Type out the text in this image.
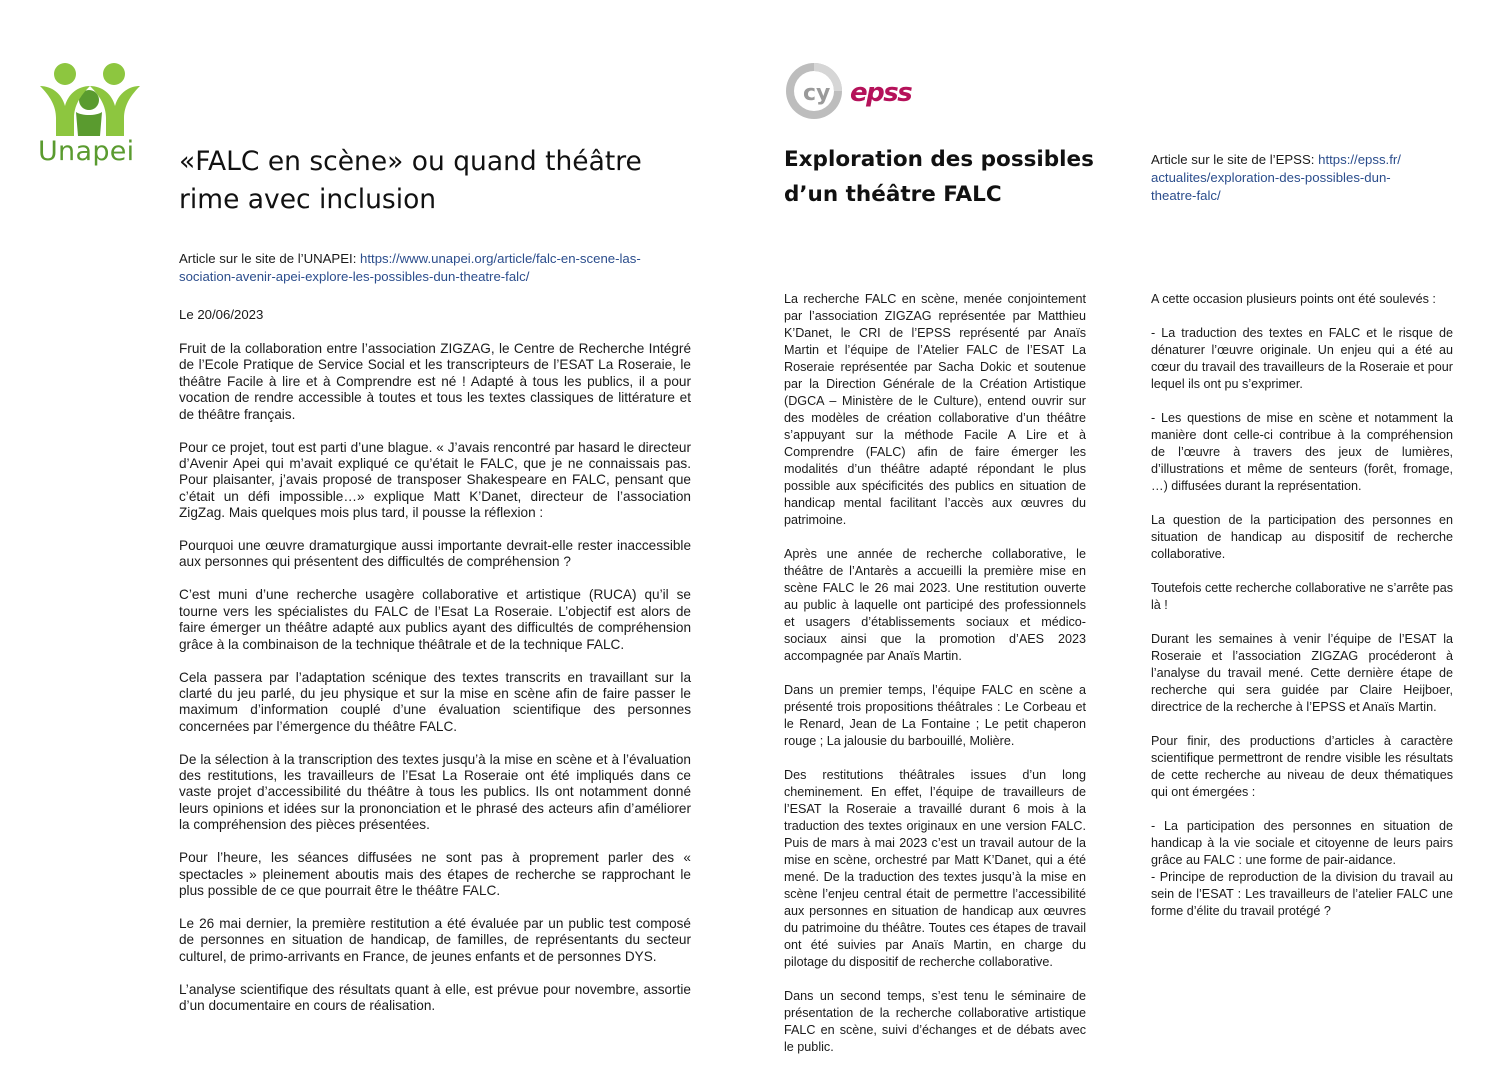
Unapei
cy epss
«FALC en scène» ou quand théâtre
rime avec inclusion
Article sur le site de l’UNAPEI: https://www.unapei.org/article/falc-en-scene-las-
sociation-avenir-apei-explore-les-possibles-dun-theatre-falc/
Le 20/06/2023

Fruit de la collaboration entre l’association ZIGZAG, le Centre de Recherche Intégré de l’Ecole Pratique de Service Social et les transcripteurs de l’ESAT La Roseraie, le théâtre Facile à lire et à Comprendre est né ! Adapté à tous les publics, il a pour vocation de rendre accessible à toutes et tous les textes classiques de littérature et de théâtre français.

Pour ce projet, tout est parti d’une blague. « J’avais rencontré par hasard le directeur d’Avenir Apei qui m’avait expliqué ce qu’était le FALC, que je ne connaissais pas. Pour plaisanter, j’avais proposé de transposer Shakespeare en FALC, pensant que c’était un défi impossible…» explique Matt K’Danet, directeur de l’association ZigZag. Mais quelques mois plus tard, il pousse la réflexion :

Pourquoi une œuvre dramaturgique aussi importante devrait-elle rester inaccessible aux personnes qui présentent des difficultés de compréhension ?

C’est muni d’une recherche usagère collaborative et artistique (RUCA) qu’il se tourne vers les spécialistes du FALC de l’Esat La Roseraie. L’objectif est alors de faire émerger un théâtre adapté aux publics ayant des difficultés de compréhension grâce à la combinaison de la technique théâtrale et de la technique FALC.

Cela passera par l’adaptation scénique des textes transcrits en travaillant sur la clarté du jeu parlé, du jeu physique et sur la mise en scène afin de faire passer le maximum d’information couplé d’une évaluation scientifique des personnes concernées par l’émergence du théâtre FALC.

De la sélection à la transcription des textes jusqu’à la mise en scène et à l’évaluation des restitutions, les travailleurs de l’Esat La Roseraie ont été impliqués dans ce vaste projet d’accessibilité du théâtre à tous les publics. Ils ont notamment donné leurs opinions et idées sur la prononciation et le phrasé des acteurs afin d’améliorer la compréhension des pièces présentées.

Pour l’heure, les séances diffusées ne sont pas à proprement parler des « spectacles » pleinement aboutis mais des étapes de recherche se rapprochant le plus possible de ce que pourrait être le théâtre FALC.

Le 26 mai dernier, la première restitution a été évaluée par un public test composé de personnes en situation de handicap, de familles, de représentants du secteur culturel, de primo-arrivants en France, de jeunes enfants et de personnes DYS.

L’analyse scientifique des résultats quant à elle, est prévue pour novembre, assortie d’un documentaire en cours de réalisation.

Exploration des possibles
d’un théâtre FALC
Article sur le site de l’EPSS: https://epss.fr/
actualites/exploration-des-possibles-dun-
theatre-falc/

La recherche FALC en scène, menée conjointement par l’association ZIGZAG représentée par Matthieu K’Danet, le CRI de l’EPSS représenté par Anaïs Martin et l’équipe de l’Atelier FALC de l’ESAT La Roseraie représentée par Sacha Dokic et soutenue par la Direction Générale de la Création Artistique (DGCA – Ministère de le Culture), entend ouvrir sur des modèles de création collaborative d’un théâtre s’appuyant sur la méthode Facile A Lire et à Comprendre (FALC) afin de faire émerger les modalités d’un théâtre adapté répondant le plus possible aux spécificités des publics en situation de handicap mental facilitant l’accès aux œuvres du patrimoine.

Après une année de recherche collaborative, le théâtre de l’Antarès a accueilli la première mise en scène FALC le 26 mai 2023. Une restitution ouverte au public à laquelle ont participé des professionnels et usagers d’établissements sociaux et médico-sociaux ainsi que la promotion d’AES 2023 accompagnée par Anaïs Martin.

Dans un premier temps, l’équipe FALC en scène a présenté trois propositions théâtrales : Le Corbeau et le Renard, Jean de La Fontaine ; Le petit chaperon rouge ; La jalousie du barbouillé, Molière.

Des restitutions théâtrales issues d’un long cheminement. En effet, l’équipe de travailleurs de l’ESAT la Roseraie a travaillé durant 6 mois à la traduction des textes originaux en une version FALC. Puis de mars à mai 2023 c’est un travail autour de la mise en scène, orchestré par Matt K’Danet, qui a été mené. De la traduction des textes jusqu’à la mise en scène l’enjeu central était de permettre l’accessibilité aux personnes en situation de handicap aux œuvres du patrimoine du théâtre. Toutes ces étapes de travail ont été suivies par Anaïs Martin, en charge du pilotage du dispositif de recherche collaborative.

Dans un second temps, s’est tenu le séminaire de présentation de la recherche collaborative artistique FALC en scène, suivi d’échanges et de débats avec le public.

A cette occasion plusieurs points ont été soulevés :

- La traduction des textes en FALC et le risque de dénaturer l’œuvre originale. Un enjeu qui a été au cœur du travail des travailleurs de la Roseraie et pour lequel ils ont pu s’exprimer.

- Les questions de mise en scène et notamment la manière dont celle-ci contribue à la compréhension de l’œuvre à travers des jeux de lumières, d’illustrations et même de senteurs (forêt, fromage, …) diffusées durant la représentation.

La question de la participation des personnes en situation de handicap au dispositif de recherche collaborative.

Toutefois cette recherche collaborative ne s’arrête pas là !

Durant les semaines à venir l’équipe de l’ESAT la Roseraie et l’association ZIGZAG procéderont à l’analyse du travail mené. Cette dernière étape de recherche qui sera guidée par Claire Heijboer, directrice de la recherche à l’EPSS et Anaïs Martin.

Pour finir, des productions d’articles à caractère scientifique permettront de rendre visible les résultats de cette recherche au niveau de deux thématiques qui ont émergées :

- La participation des personnes en situation de handicap à la vie sociale et citoyenne de leurs pairs grâce au FALC : une forme de pair-aidance.

- Principe de reproduction de la division du travail au sein de l’ESAT : Les travailleurs de l’atelier FALC une forme d’élite du travail protégé ?
